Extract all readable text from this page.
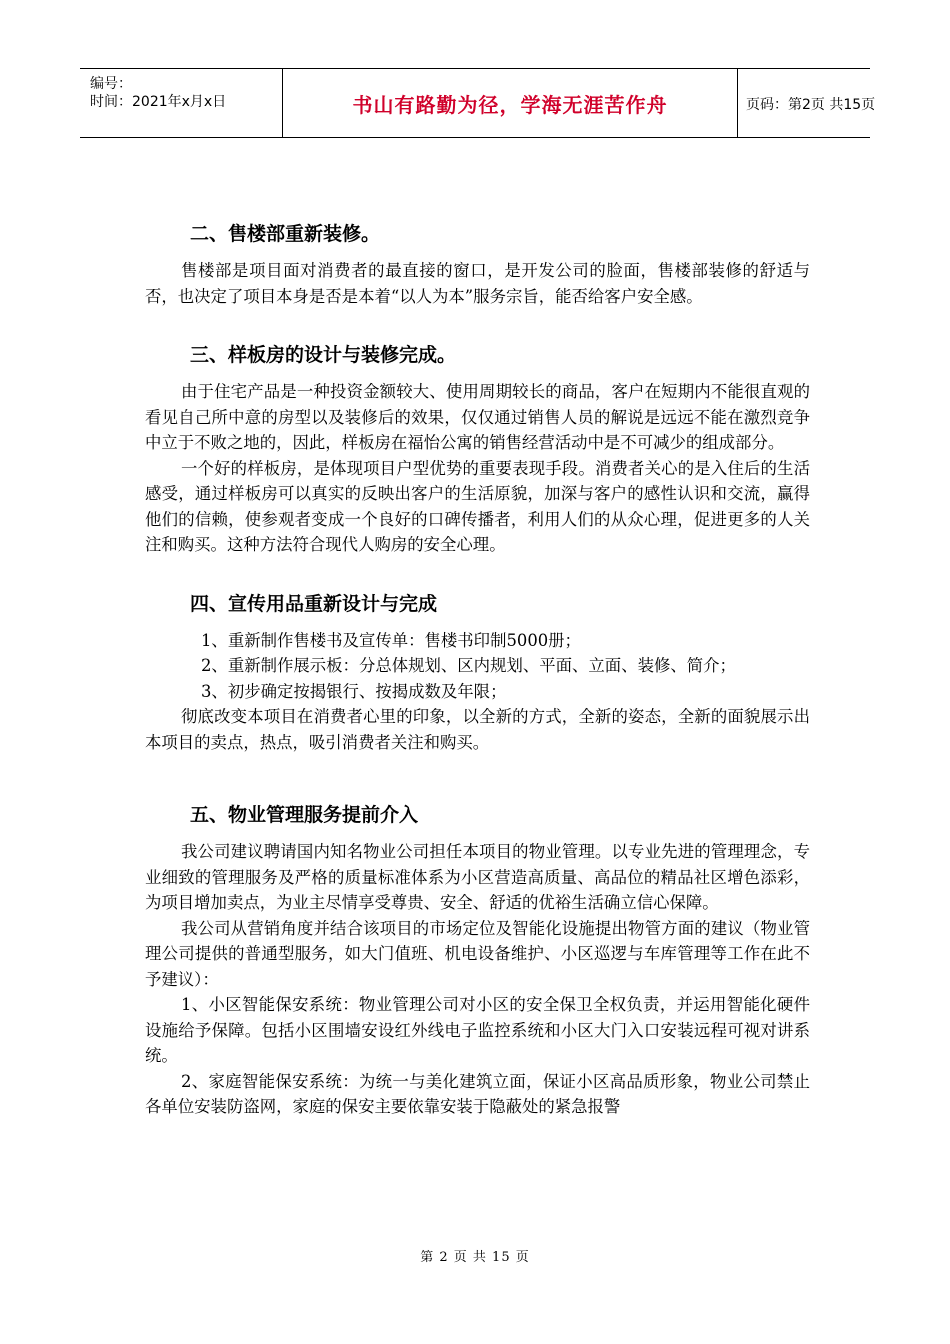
编号：
时间：2021年x月x日	书山有路勤为径，学海无涯苦作舟	页码：第2页 共15页
二、售楼部重新装修。

售楼部是项目面对消费者的最直接的窗口，是开发公司的脸面，售楼部装修的舒适与否，也决定了项目本身是否是本着“以人为本”服务宗旨，能否给客户安全感。

三、样板房的设计与装修完成。

由于住宅产品是一种投资金额较大、使用周期较长的商品，客户在短期内不能很直观的看见自己所中意的房型以及装修后的效果，仅仅通过销售人员的解说是远远不能在激烈竞争中立于不败之地的，因此，样板房在福怡公寓的销售经营活动中是不可减少的组成部分。

一个好的样板房，是体现项目户型优势的重要表现手段。消费者关心的是入住后的生活感受，通过样板房可以真实的反映出客户的生活原貌，加深与客户的感性认识和交流，赢得他们的信赖，使参观者变成一个良好的口碑传播者，利用人们的从众心理，促进更多的人关注和购买。这种方法符合现代人购房的安全心理。

四、宣传用品重新设计与完成

1、重新制作售楼书及宣传单：售楼书印制5000册；

2、重新制作展示板：分总体规划、区内规划、平面、立面、装修、简介；

3、初步确定按揭银行、按揭成数及年限；

彻底改变本项目在消费者心里的印象，以全新的方式，全新的姿态，全新的面貌展示出本项目的卖点，热点，吸引消费者关注和购买。

五、物业管理服务提前介入

我公司建议聘请国内知名物业公司担任本项目的物业管理。以专业先进的管理理念，专业细致的管理服务及严格的质量标准体系为小区营造高质量、高品位的精品社区增色添彩，为项目增加卖点，为业主尽情享受尊贵、安全、舒适的优裕生活确立信心保障。

我公司从营销角度并结合该项目的市场定位及智能化设施提出物管方面的建议（物业管理公司提供的普通型服务，如大门值班、机电设备维护、小区巡逻与车库管理等工作在此不予建议）：

1、小区智能保安系统：物业管理公司对小区的安全保卫全权负责，并运用智能化硬件设施给予保障。包括小区围墙安设红外线电子监控系统和小区大门入口安装远程可视对讲系统。

2、家庭智能保安系统：为统一与美化建筑立面，保证小区高品质形象，物业公司禁止各单位安装防盗网，家庭的保安主要依靠安装于隐蔽处的紧急报警

第 2 页 共 15 页
